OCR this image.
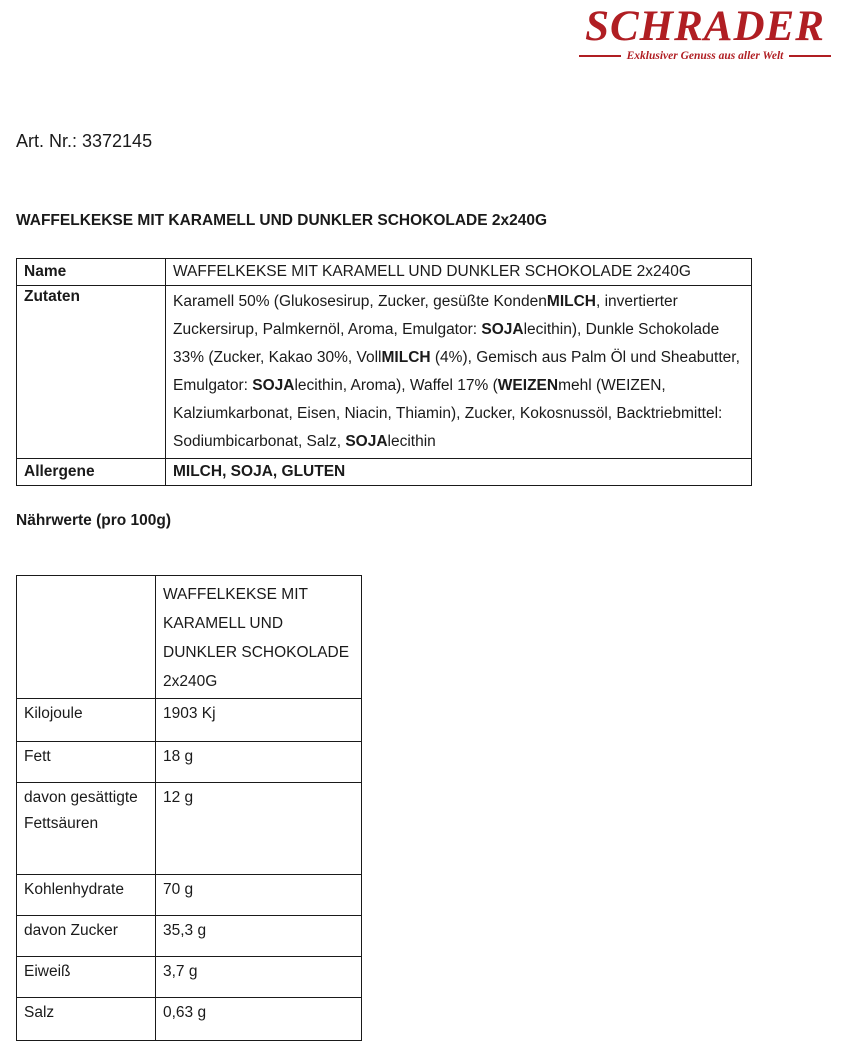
SCHRADER
Exklusiver Genuss aus aller Welt
Art. Nr.: 3372145
WAFFELKEKSE MIT KARAMELL UND DUNKLER SCHOKOLADE 2x240G
Name	WAFFELKEKSE MIT KARAMELL UND DUNKLER SCHOKOLADE 2x240G
Zutaten	Karamell 50% (Glukosesirup, Zucker, gesüßte KondenMILCH, invertierter Zuckersirup, Palmkernöl, Aroma, Emulgator: SOJAlecithin), Dunkle Schokolade 33% (Zucker, Kakao 30%, VollMILCH (4%), Gemisch aus Palm Öl und Sheabutter, Emulgator: SOJAlecithin, Aroma), Waffel 17% (WEIZENmehl (WEIZEN, Kalziumkarbonat, Eisen, Niacin, Thiamin), Zucker, Kokosnussöl, Backtriebmittel: Sodiumbicarbonat, Salz, SOJAlecithin
Allergene	MILCH, SOJA, GLUTEN
Nährwerte (pro 100g)
	WAFFELKEKSE MIT KARAMELL UND DUNKLER SCHOKOLADE 2x240G
Kilojoule	1903 Kj
Fett	18 g
davon gesättigte Fettsäuren	12 g
Kohlenhydrate	70 g
davon Zucker	35,3 g
Eiweiß	3,7 g
Salz	0,63 g
